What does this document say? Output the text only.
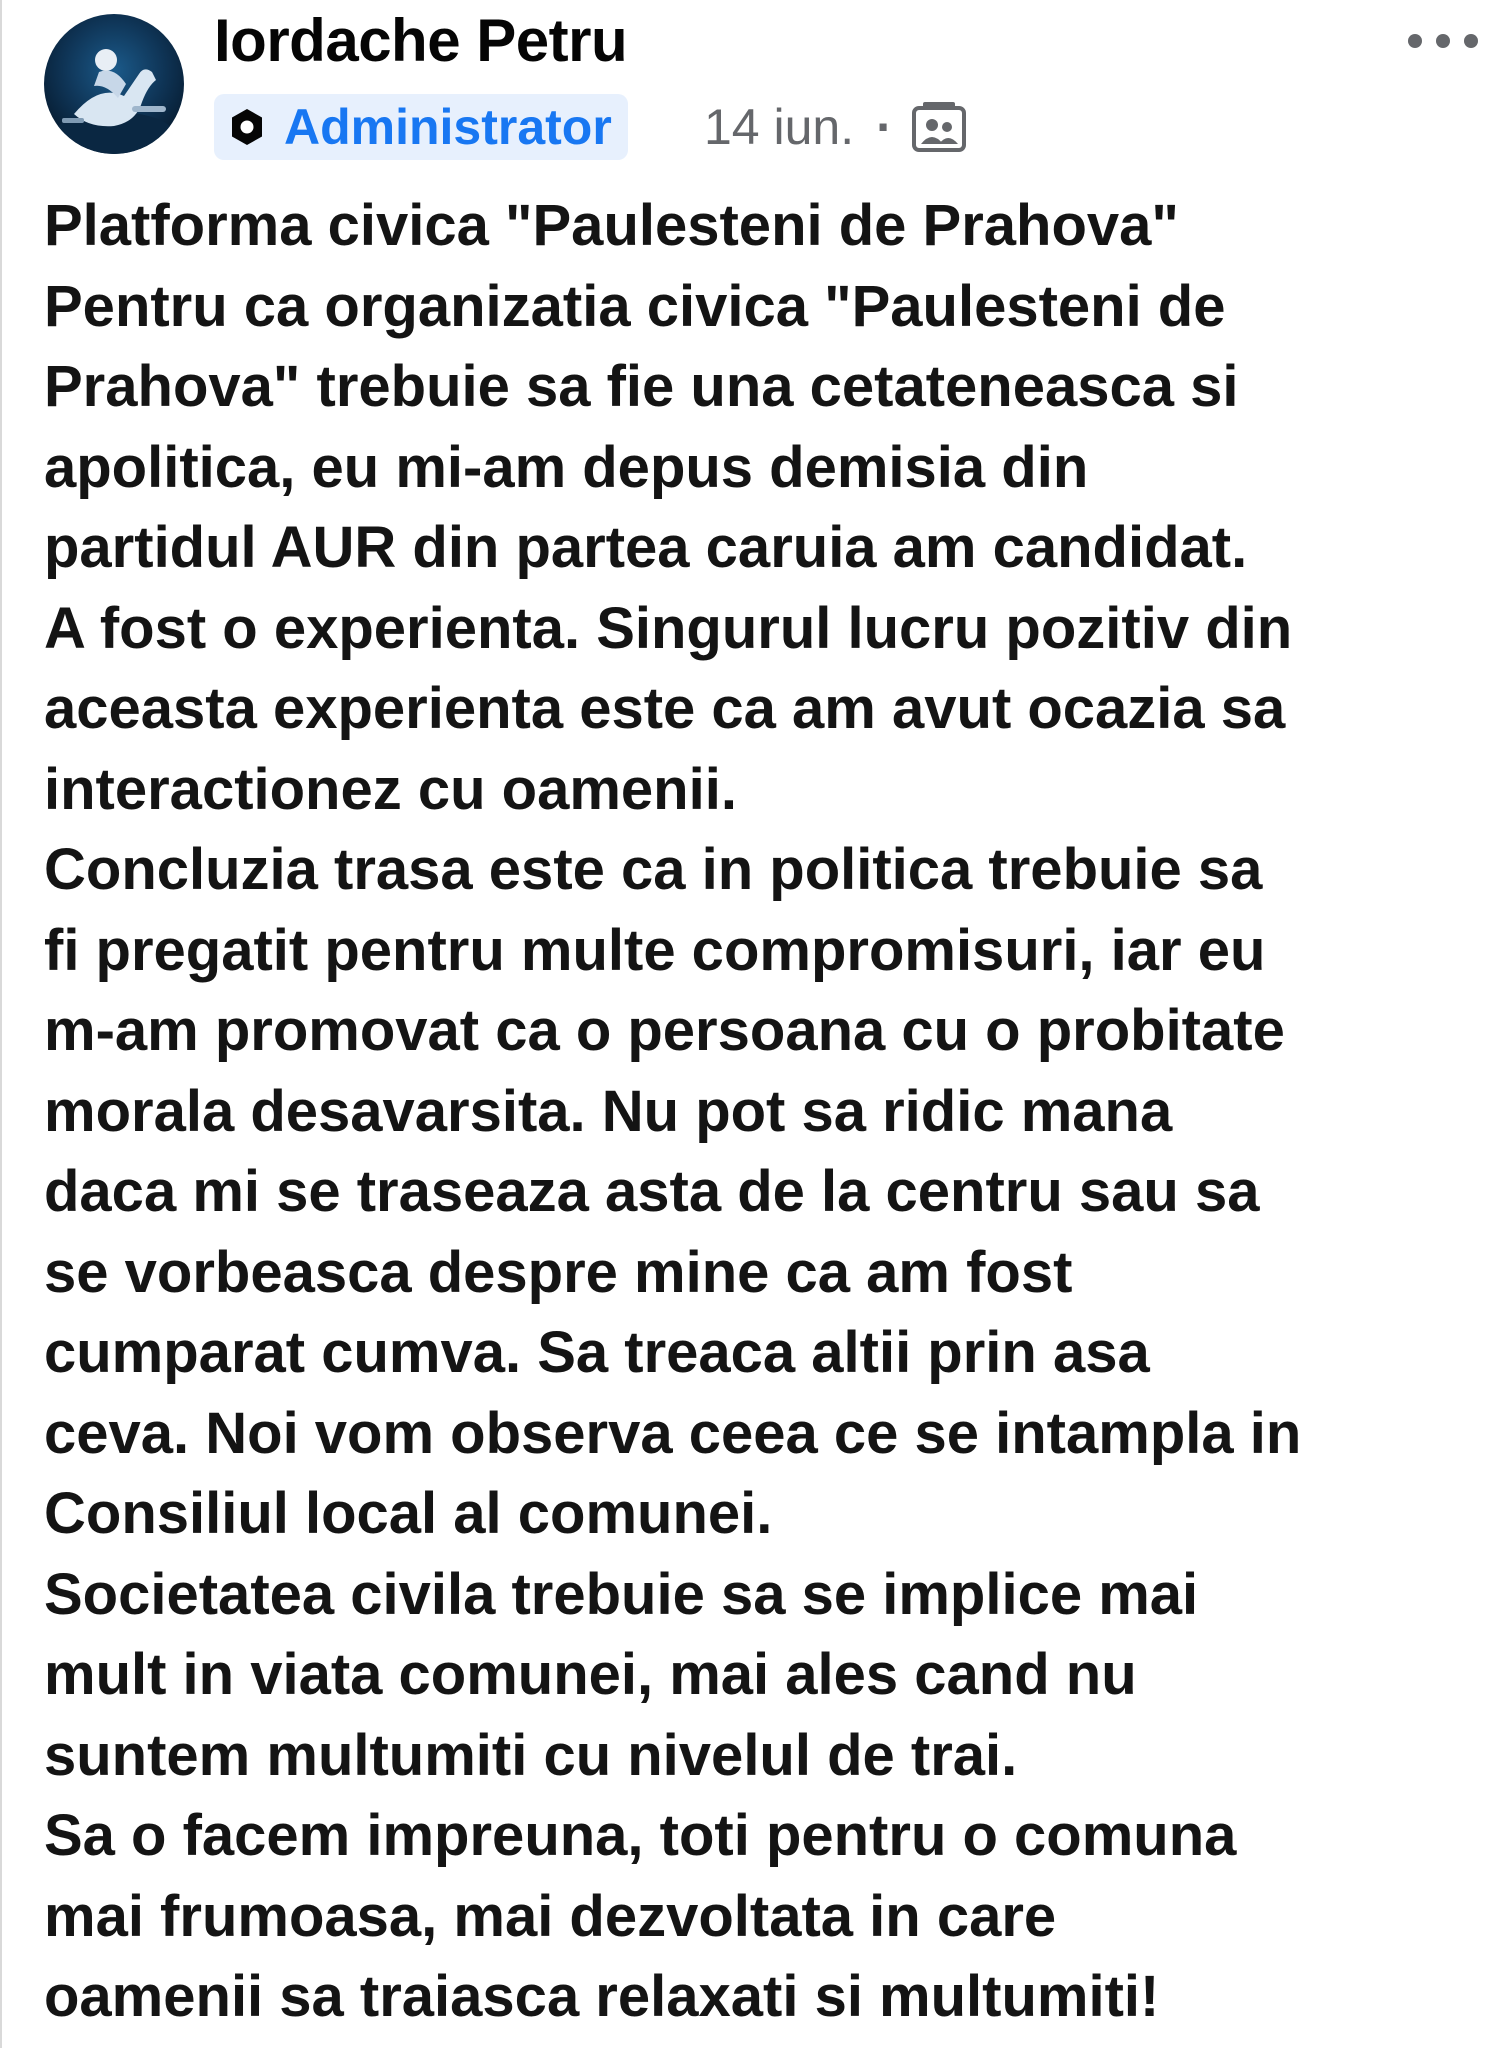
Iordache Petru
Administrator 14 iun. ·
Platforma civica "Paulesteni de Prahova"
Pentru ca organizatia civica "Paulesteni de
Prahova" trebuie sa fie una cetateneasca si
apolitica, eu mi-am depus demisia din
partidul AUR din partea caruia am candidat.
A fost o experienta. Singurul lucru pozitiv din
aceasta experienta este ca am avut ocazia sa
interactionez cu oamenii.
Concluzia trasa este ca in politica trebuie sa
fi pregatit pentru multe compromisuri, iar eu
m-am promovat ca o persoana cu o probitate
morala desavarsita. Nu pot sa ridic mana
daca mi se traseaza asta de la centru sau sa
se vorbeasca despre mine ca am fost
cumparat cumva. Sa treaca altii prin asa
ceva. Noi vom observa ceea ce se intampla in
Consiliul local al comunei.
Societatea civila trebuie sa se implice mai
mult in viata comunei, mai ales cand nu
suntem multumiti cu nivelul de trai.
Sa o facem impreuna, toti pentru o comuna
mai frumoasa, mai dezvoltata in care
oamenii sa traiasca relaxati si multumiti!
